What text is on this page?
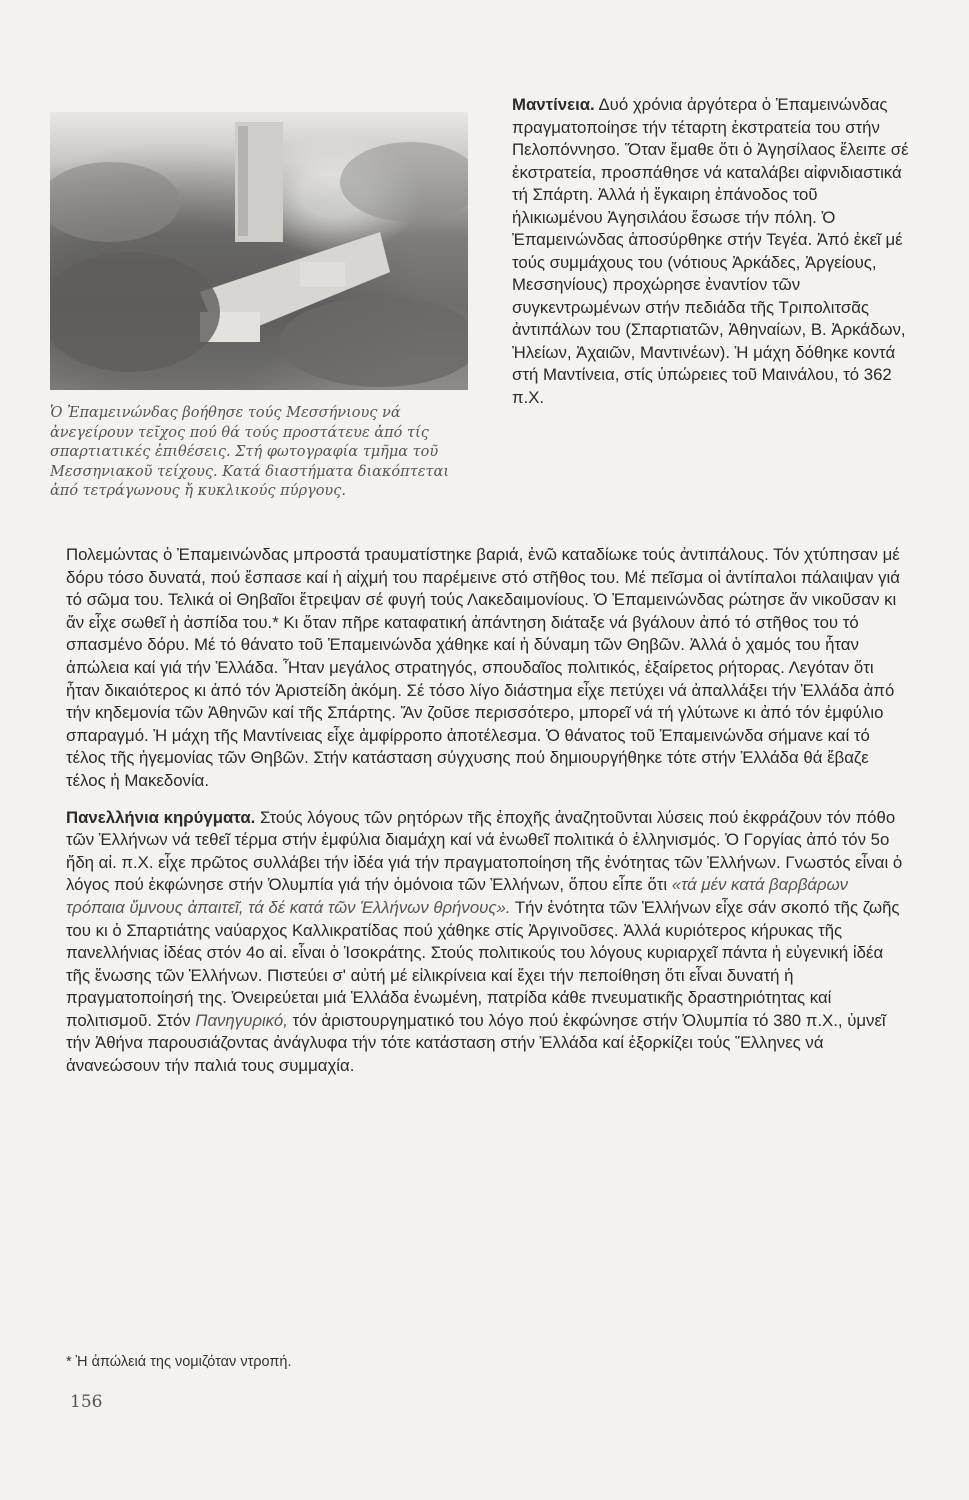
Ὁ Ἐπαμεινώνδας βοήθησε τούς Μεσσήνιους νά ἀνεγείρουν τεῖχος πού θά τούς προστάτευε ἀπό τίς σπαρτιατικές ἐπιθέσεις. Στή φωτογραφία τμῆμα τοῦ Μεσσηνιακοῦ τείχους. Κατά διαστήματα διακόπτεται ἀπό τετράγωνους ἤ κυκλικούς πύργους.

Μαντίνεια. Δυό χρόνια ἀργότερα ὁ Ἐπαμεινώνδας πραγματοποίησε τήν τέταρτη ἐκστρατεία του στήν Πελοπόννησο. Ὅταν ἔμαθε ὅτι ὁ Ἀγησίλαος ἔλειπε σέ ἐκστρατεία, προσπάθησε νά καταλάβει αἰφνιδιαστικά τή Σπάρτη. Ἀλλά ἡ ἔγκαιρη ἐπάνοδος τοῦ ἡλικιωμένου Ἀγησιλάου ἔσωσε τήν πόλη. Ὁ Ἐπαμεινώνδας ἀποσύρθηκε στήν Τεγέα. Ἀπό ἐκεῖ μέ τούς συμμάχους του (νότιους Ἀρκάδες, Ἀργείους, Μεσσηνίους) προχώρησε ἐναντίον τῶν συγκεντρωμένων στήν πεδιάδα τῆς Τριπολιτσᾶς ἀντιπάλων του (Σπαρτιατῶν, Ἀθηναίων, Β. Ἀρκάδων, Ἠλείων, Ἀχαιῶν, Μαντινέων). Ἡ μάχη δόθηκε κοντά στή Μαντίνεια, στίς ὑπώρειες τοῦ Μαινάλου, τό 362 π.Χ.

Πολεμώντας ὁ Ἐπαμεινώνδας μπροστά τραυματίστηκε βαριά, ἐνῶ καταδίωκε τούς ἀντιπάλους. Τόν χτύπησαν μέ δόρυ τόσο δυνατά, πού ἔσπασε καί ἡ αἰχμή του παρέμεινε στό στῆθος του. Μέ πεῖσμα οἱ ἀντίπαλοι πάλαιψαν γιά τό σῶμα του. Τελικά οἱ Θηβαῖοι ἔτρεψαν σέ φυγή τούς Λακεδαιμονίους. Ὁ Ἐπαμεινώνδας ρώτησε ἄν νικοῦσαν κι ἄν εἶχε σωθεῖ ἡ ἀσπίδα του.* Κι ὅταν πῆρε καταφατική ἀπάντηση διάταξε νά βγάλουν ἀπό τό στῆθος του τό σπασμένο δόρυ. Μέ τό θάνατο τοῦ Ἐπαμεινώνδα χάθηκε καί ἡ δύναμη τῶν Θηβῶν. Ἀλλά ὁ χαμός του ἦταν ἀπώλεια καί γιά τήν Ἑλλάδα. Ἦταν μεγάλος στρατηγός, σπουδαῖος πολιτικός, ἐξαίρετος ρήτορας. Λεγόταν ὅτι ἦταν δικαιότερος κι ἀπό τόν Ἀριστείδη ἀκόμη. Σέ τόσο λίγο διάστημα εἶχε πετύχει νά ἀπαλλάξει τήν Ἑλλάδα ἀπό τήν κηδεμονία τῶν Ἀθηνῶν καί τῆς Σπάρτης. Ἄν ζοῦσε περισσότερο, μπορεῖ νά τή γλύτωνε κι ἀπό τόν ἐμφύλιο σπαραγμό. Ἡ μάχη τῆς Μαντίνειας εἶχε ἀμφίρροπο ἀποτέλεσμα. Ὁ θάνατος τοῦ Ἐπαμεινώνδα σήμανε καί τό τέλος τῆς ἡγεμονίας τῶν Θηβῶν. Στήν κατάσταση σύγχυσης πού δημιουργήθηκε τότε στήν Ἑλλάδα θά ἔβαζε τέλος ἡ Μακεδονία.

Πανελλήνια κηρύγματα. Στούς λόγους τῶν ρητόρων τῆς ἐποχῆς ἀναζητοῦνται λύσεις πού ἐκφράζουν τόν πόθο τῶν Ἑλλήνων νά τεθεῖ τέρμα στήν ἐμφύλια διαμάχη καί νά ἑνωθεῖ πολιτικά ὁ ἑλληνισμός. Ὁ Γοργίας ἀπό τόν 5ο ἤδη αἰ. π.Χ. εἶχε πρῶτος συλλάβει τήν ἰδέα γιά τήν πραγματοποίηση τῆς ἑνότητας τῶν Ἑλλήνων. Γνωστός εἶναι ὁ λόγος πού ἐκφώνησε στήν Ὀλυμπία γιά τήν ὁμόνοια τῶν Ἑλλήνων, ὅπου εἶπε ὅτι «τά μέν κατά βαρβάρων τρόπαια ὕμνους ἀπαιτεῖ, τά δέ κατά τῶν Ἑλλήνων θρήνους». Τήν ἑνότητα τῶν Ἑλλήνων εἶχε σάν σκοπό τῆς ζωῆς του κι ὁ Σπαρτιάτης ναύαρχος Καλλικρατίδας πού χάθηκε στίς Ἀργινοῦσες. Ἀλλά κυριότερος κήρυκας τῆς πανελλήνιας ἰδέας στόν 4ο αἰ. εἶναι ὁ Ἰσοκράτης. Στούς πολιτικούς του λόγους κυριαρχεῖ πάντα ἡ εὐγενική ἰδέα τῆς ἕνωσης τῶν Ἑλλήνων. Πιστεύει σ' αὐτή μέ εἰλικρίνεια καί ἔχει τήν πεποίθηση ὅτι εἶναι δυνατή ἡ πραγματοποίησή της. Ὀνειρεύεται μιά Ἑλλάδα ἑνωμένη, πατρίδα κάθε πνευματικῆς δραστηριότητας καί πολιτισμοῦ. Στόν Πανηγυρικό, τόν ἀριστουργηματικό του λόγο πού ἐκφώνησε στήν Ὀλυμπία τό 380 π.Χ., ὑμνεῖ τήν Ἀθήνα παρουσιάζοντας ἀνάγλυφα τήν τότε κατάσταση στήν Ἑλλάδα καί ἐξορκίζει τούς Ἕλληνες νά ἀνανεώσουν τήν παλιά τους συμμαχία.

* Ἡ ἀπώλειά της νομιζόταν ντροπή.

156
